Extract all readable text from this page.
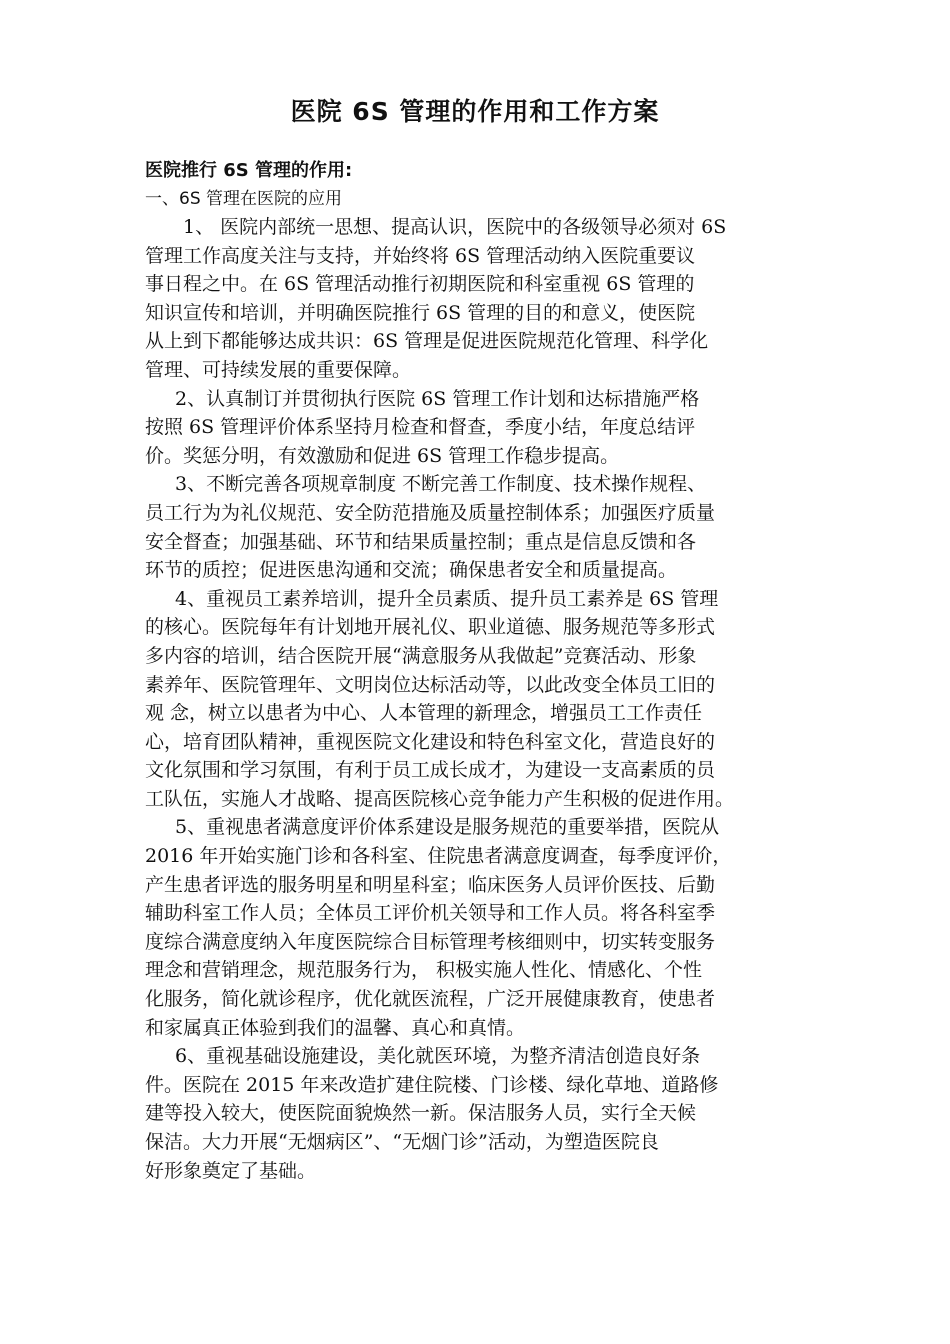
医院 6S 管理的作用和工作方案
医院推行 6S 管理的作用:
一、6S 管理在医院的应用
1、 医院内部统一思想、提高认识，医院中的各级领导必须对 6S
管理工作高度关注与支持，并始终将 6S 管理活动纳入医院重要议
事日程之中。在 6S 管理活动推行初期医院和科室重视 6S 管理的
知识宣传和培训，并明确医院推行 6S 管理的目的和意义，使医院
从上到下都能够达成共识：6S 管理是促进医院规范化管理、科学化
管理、可持续发展的重要保障。
2、认真制订并贯彻执行医院 6S 管理工作计划和达标措施严格
按照 6S 管理评价体系坚持月检查和督查，季度小结，年度总结评
价。奖惩分明，有效激励和促进 6S 管理工作稳步提高。
3、不断完善各项规章制度 不断完善工作制度、技术操作规程、
员工行为为礼仪规范、安全防范措施及质量控制体系；加强医疗质量
安全督查；加强基础、环节和结果质量控制；重点是信息反馈和各
环节的质控；促进医患沟通和交流；确保患者安全和质量提高。
4、重视员工素养培训，提升全员素质、提升员工素养是 6S 管理
的核心。医院每年有计划地开展礼仪、职业道德、服务规范等多形式
多内容的培训，结合医院开展“满意服务从我做起”竞赛活动、形象
素养年、医院管理年、文明岗位达标活动等，以此改变全体员工旧的
观 念，树立以患者为中心、人本管理的新理念，增强员工工作责任
心，培育团队精神，重视医院文化建设和特色科室文化，营造良好的
文化氛围和学习氛围，有利于员工成长成才，为建设一支高素质的员
工队伍，实施人才战略、提高医院核心竞争能力产生积极的促进作用。
5、重视患者满意度评价体系建设是服务规范的重要举措，医院从
2016 年开始实施门诊和各科室、住院患者满意度调查，每季度评价，
产生患者评选的服务明星和明星科室；临床医务人员评价医技、后勤
辅助科室工作人员；全体员工评价机关领导和工作人员。将各科室季
度综合满意度纳入年度医院综合目标管理考核细则中，切实转变服务
理念和营销理念，规范服务行为， 积极实施人性化、情感化、个性
化服务，简化就诊程序，优化就医流程，广泛开展健康教育，使患者
和家属真正体验到我们的温馨、真心和真情。
6、重视基础设施建设，美化就医环境，为整齐清洁创造良好条
件。医院在 2015 年来改造扩建住院楼、门诊楼、绿化草地、道路修
建等投入较大，使医院面貌焕然一新。保洁服务人员，实行全天候
保洁。大力开展“无烟病区”、“无烟门诊”活动，为塑造医院良
好形象奠定了基础。
